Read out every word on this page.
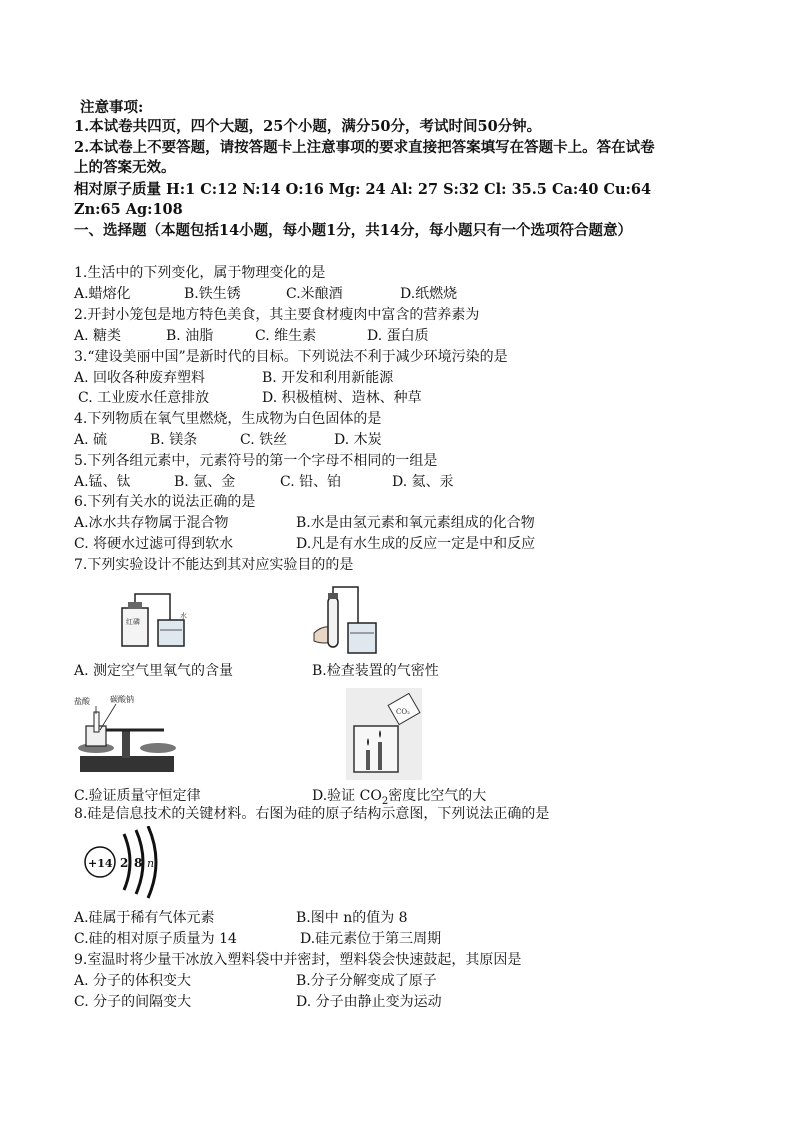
注意事项:
1.本试卷共四页，四个大题，25个小题，满分50分，考试时间50分钟。
2.本试卷上不要答题，请按答题卡上注意事项的要求直接把答案填写在答题卡上。答在试卷
上的答案无效。
相对原子质量 H:1 C:12 N:14 O:16 Mg: 24 Al: 27 S:32 Cl: 35.5 Ca:40 Cu:64
Zn:65 Ag:108
一、选择题（本题包括14小题，每小题1分，共14分，每小题只有一个选项符合题意）
1.生活中的下列变化，属于物理变化的是
A.蜡熔化	B.铁生锈	C.米酿酒	D.纸燃烧
2.开封小笼包是地方特色美食，其主要食材瘦肉中富含的营养素为
A. 糖类	B. 油脂	C. 维生素	D. 蛋白质
3.“建设美丽中国”是新时代的目标。下列说法不利于减少环境污染的是
A. 回收各种废弃塑料	B. 开发和利用新能源
C. 工业废水任意排放	D. 积极植树、造林、种草
4.下列物质在氧气里燃烧，生成物为白色固体的是
A. 硫	B. 镁条	C. 铁丝	D. 木炭
5.下列各组元素中，元素符号的第一个字母不相同的一组是
A.锰、钛	B. 氩、金	C. 铅、铂	D. 氦、汞
6.下列有关水的说法正确的是
A.冰水共存物属于混合物	B.水是由氢元素和氧元素组成的化合物
C. 将硬水过滤可得到软水	D.凡是有水生成的反应一定是中和反应
7.下列实验设计不能达到其对应实验目的的是
红磷
水
A. 测定空气里氧气的含量	B.检查装置的气密性
盐酸	碳酸钠
CO₂
C.验证质量守恒定律	D.验证 $CO_2$密度比空气的大
8.硅是信息技术的关键材料。右图为硅的原子结构示意图，下列说法正确的是
+14 2 8 n
A.硅属于稀有气体元素	B.图中 n的值为 8
C.硅的相对原子质量为 14	D.硅元素位于第三周期
9.室温时将少量干冰放入塑料袋中并密封，塑料袋会快速鼓起，其原因是
A. 分子的体积变大	B.分子分解变成了原子
C. 分子的间隔变大	D. 分子由静止变为运动
